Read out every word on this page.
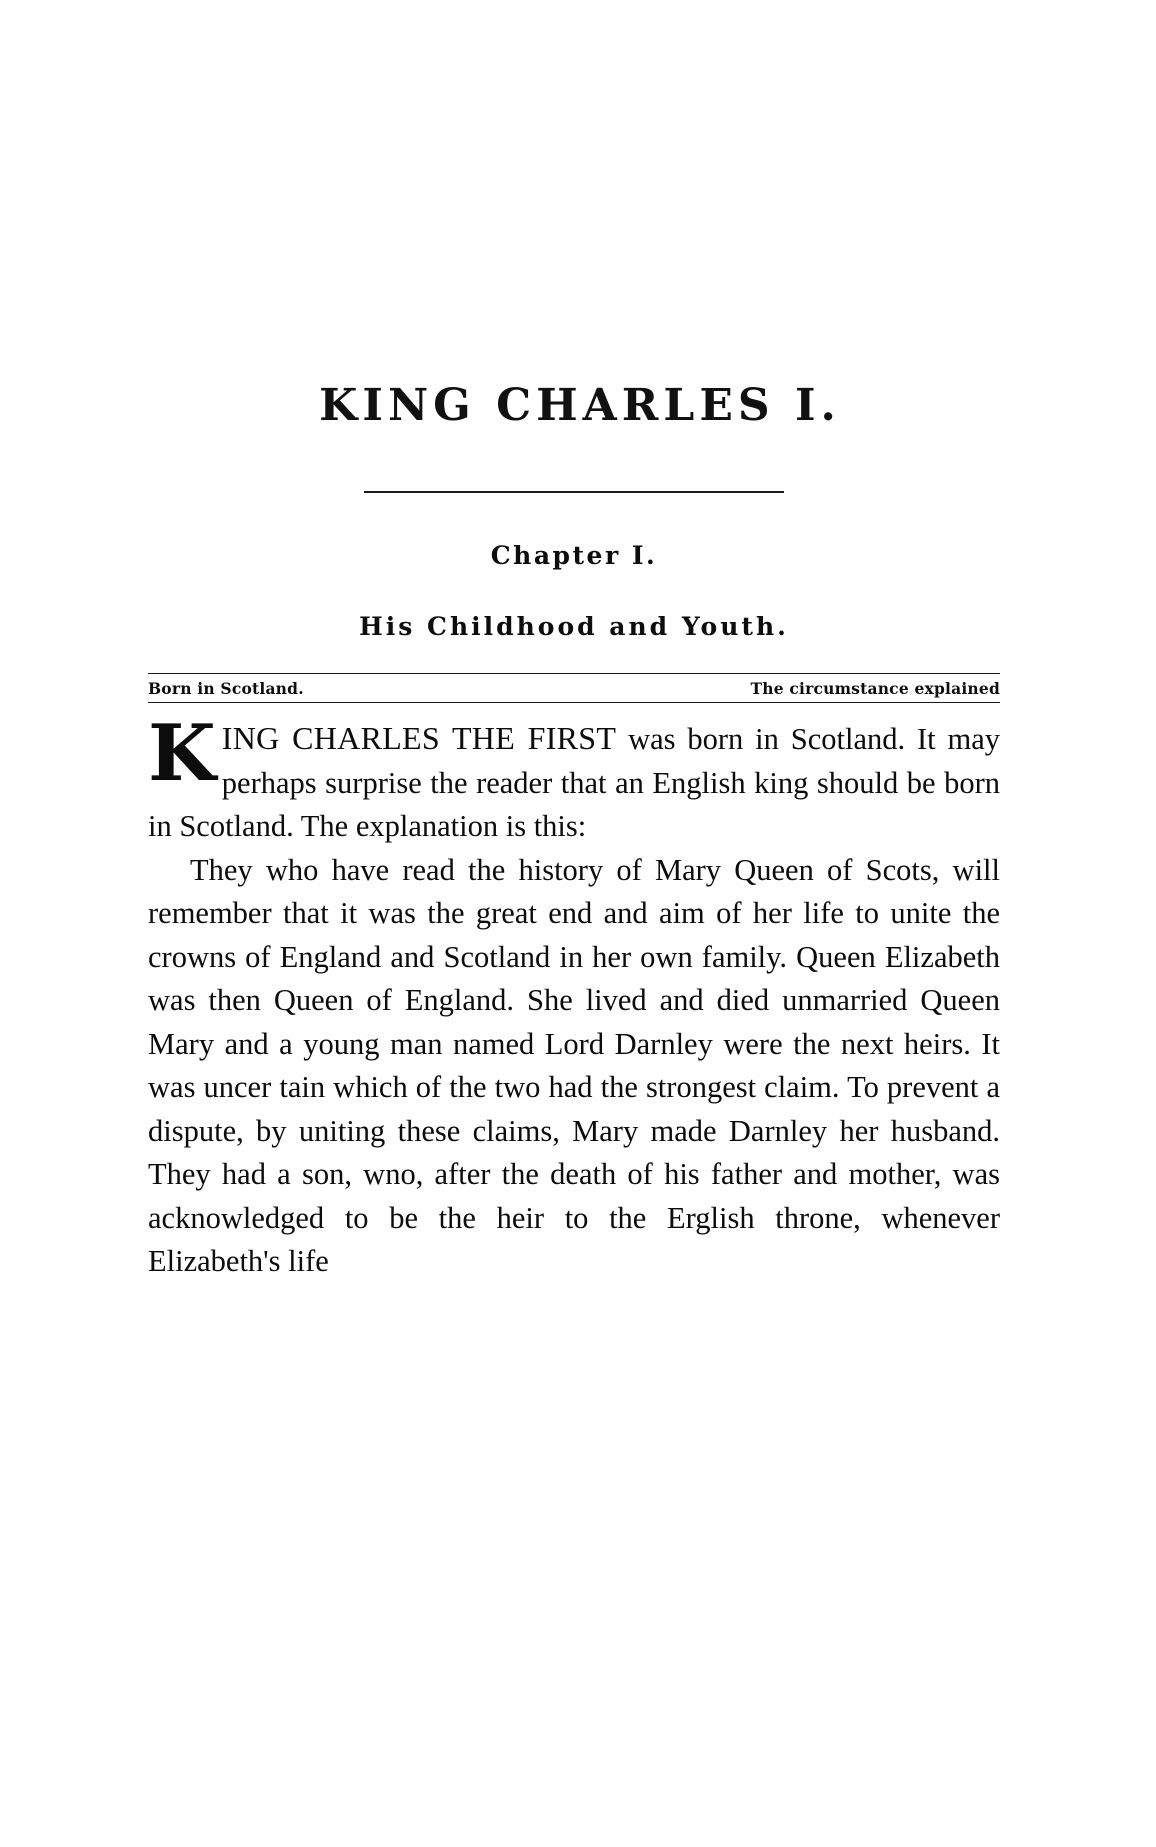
KING CHARLES I.
Chapter I.
His Childhood and Youth.
Born in Scotland.	The circumstance explained

KING CHARLES THE FIRST was born in Scotland. It may perhaps surprise the reader that an English king should be born in Scotland. The explanation is this:

They who have read the history of Mary Queen of Scots, will remember that it was the great end and aim of her life to unite the crowns of England and Scotland in her own family. Queen Elizabeth was then Queen of England. She lived and died unmarried Queen Mary and a young man named Lord Darnley were the next heirs. It was uncer tain which of the two had the strongest claim. To prevent a dispute, by uniting these claims, Mary made Darnley her husband. They had a son, wno, after the death of his father and mother, was acknowledged to be the heir to the Erglish throne, whenever Elizabeth's life
